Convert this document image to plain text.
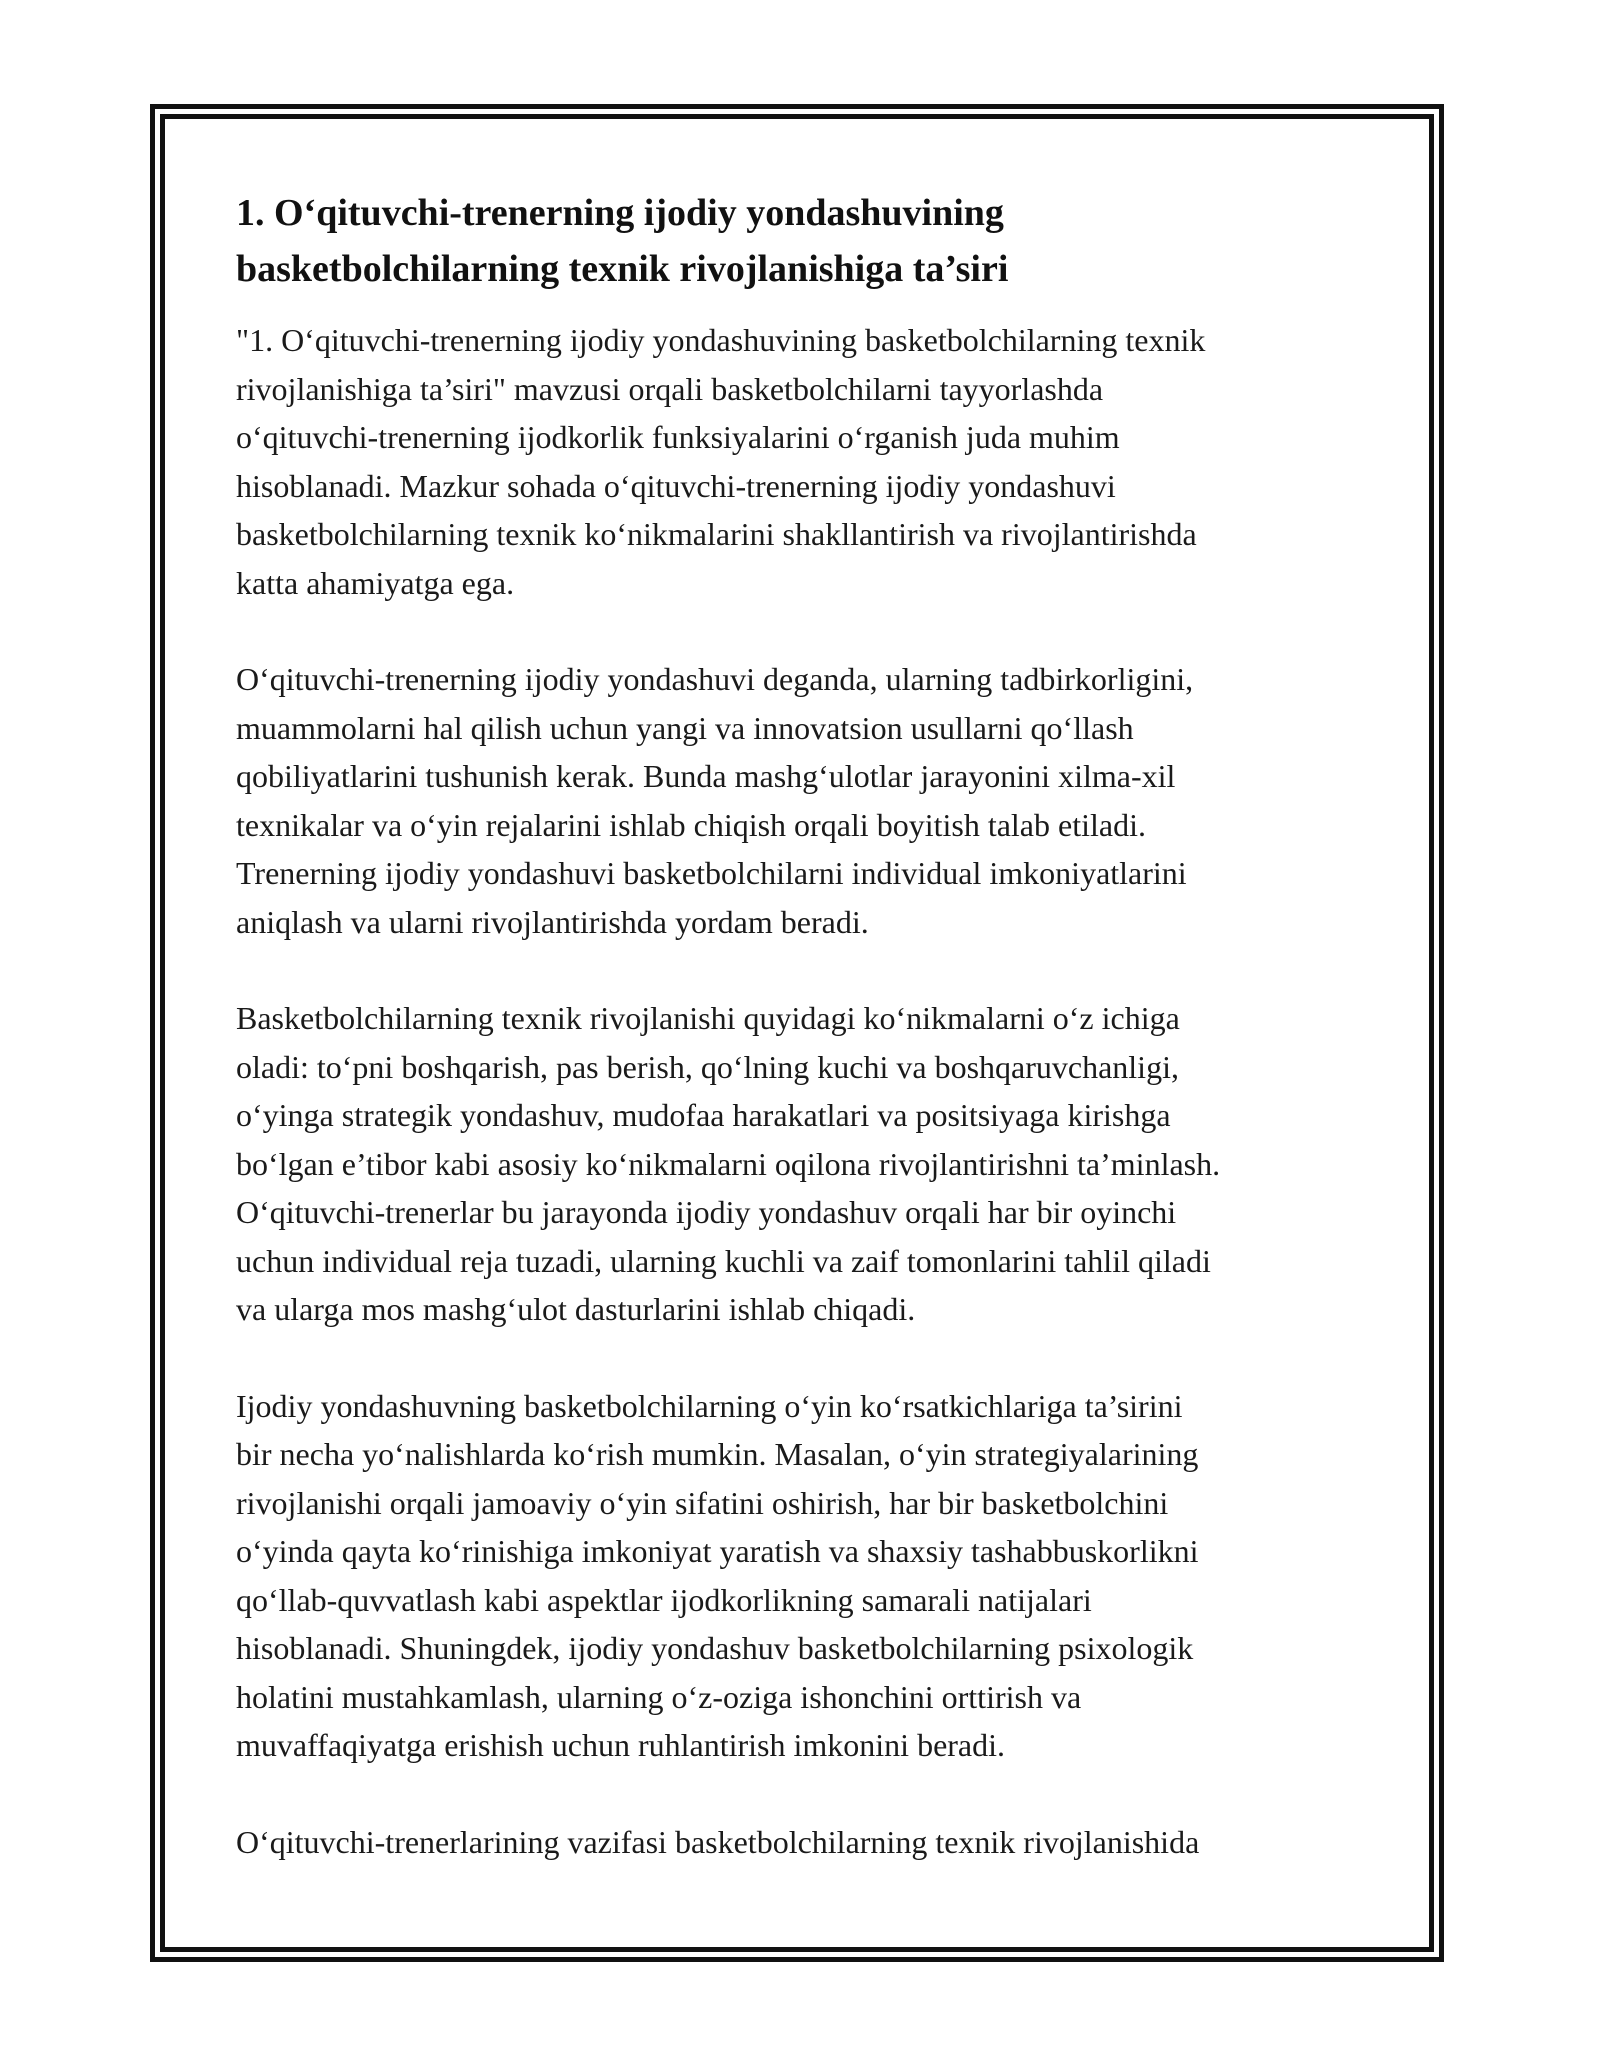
1. O‘qituvchi-trenerning ijodiy yondashuvining
basketbolchilarning texnik rivojlanishiga ta’siri

"1. O‘qituvchi-trenerning ijodiy yondashuvining basketbolchilarning texnik
rivojlanishiga ta’siri" mavzusi orqali basketbolchilarni tayyorlashda
o‘qituvchi-trenerning ijodkorlik funksiyalarini o‘rganish juda muhim
hisoblanadi. Mazkur sohada o‘qituvchi-trenerning ijodiy yondashuvi
basketbolchilarning texnik ko‘nikmalarini shakllantirish va rivojlantirishda
katta ahamiyatga ega.

O‘qituvchi-trenerning ijodiy yondashuvi deganda, ularning tadbirkorligini,
muammolarni hal qilish uchun yangi va innovatsion usullarni qo‘llash
qobiliyatlarini tushunish kerak. Bunda mashg‘ulotlar jarayonini xilma-xil
texnikalar va o‘yin rejalarini ishlab chiqish orqali boyitish talab etiladi.
Trenerning ijodiy yondashuvi basketbolchilarni individual imkoniyatlarini
aniqlash va ularni rivojlantirishda yordam beradi.

Basketbolchilarning texnik rivojlanishi quyidagi ko‘nikmalarni o‘z ichiga
oladi: to‘pni boshqarish, pas berish, qo‘lning kuchi va boshqaruvchanligi,
o‘yinga strategik yondashuv, mudofaa harakatlari va positsiyaga kirishga
bo‘lgan e’tibor kabi asosiy ko‘nikmalarni oqilona rivojlantirishni ta’minlash.
O‘qituvchi-trenerlar bu jarayonda ijodiy yondashuv orqali har bir oyinchi
uchun individual reja tuzadi, ularning kuchli va zaif tomonlarini tahlil qiladi
va ularga mos mashg‘ulot dasturlarini ishlab chiqadi.

Ijodiy yondashuvning basketbolchilarning o‘yin ko‘rsatkichlariga ta’sirini
bir necha yo‘nalishlarda ko‘rish mumkin. Masalan, o‘yin strategiyalarining
rivojlanishi orqali jamoaviy o‘yin sifatini oshirish, har bir basketbolchini
o‘yinda qayta ko‘rinishiga imkoniyat yaratish va shaxsiy tashabbuskorlikni
qo‘llab-quvvatlash kabi aspektlar ijodkorlikning samarali natijalari
hisoblanadi. Shuningdek, ijodiy yondashuv basketbolchilarning psixologik
holatini mustahkamlash, ularning o‘z-oziga ishonchini orttirish va
muvaffaqiyatga erishish uchun ruhlantirish imkonini beradi.

O‘qituvchi-trenerlarining vazifasi basketbolchilarning texnik rivojlanishida
